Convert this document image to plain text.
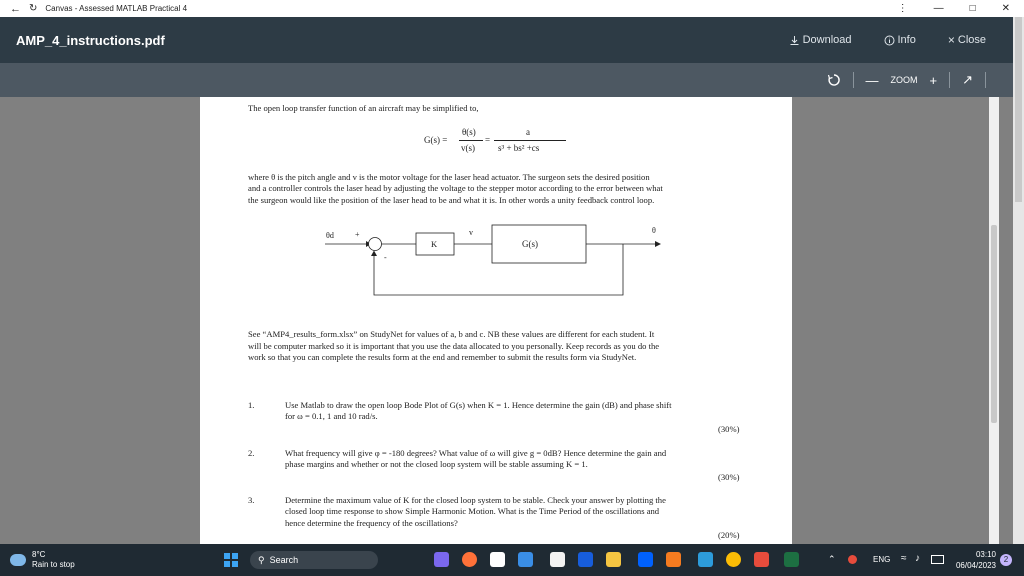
← ↻ Canvas - Assessed MATLAB Practical 4	⋮	—	□	✕
AMP_4_instructions.pdf	Download	Info	× Close
— ZOOM + ↗
The open loop transfer function of an aircraft may be simplified to,
G(s) =
θ(s)
v(s)
=
a
s³ + bs² +cs
where θ is the pitch angle and v is the motor voltage for the laser head actuator. The surgeon sets the desired position
and a controller controls the laser head by adjusting the voltage to the stepper motor according to the error between what
the surgeon would like the position of the laser head to be and what it is. In other words a unity feedback control loop.
θd	+
-
K
v
G(s)
θ
See “AMP4_results_form.xlsx” on StudyNet for values of a, b and c. NB these values are different for each student. It
will be computer marked so it is important that you use the data allocated to you personally. Keep records as you do the
work so that you can complete the results form at the end and remember to submit the results form via StudyNet.
1.	Use Matlab to draw the open loop Bode Plot of G(s) when K = 1. Hence determine the gain (dB) and phase shift
for ω = 0.1, 1 and 10 rad/s.
(30%)
2.	What frequency will give φ = -180 degrees? What value of ω will give g = 0dB? Hence determine the gain and
phase margins and whether or not the closed loop system will be stable assuming K = 1.
(30%)
3.	Determine the maximum value of K for the closed loop system to be stable. Check your answer by plotting the
closed loop time response to show Simple Harmonic Motion. What is the Time Period of the oscillations and
hence determine the frequency of the oscillations?
(20%)
8°C
Rain to stop	⚲ Search	⌃	ENG ≈ ♪	03:10
06/04/2023
2
